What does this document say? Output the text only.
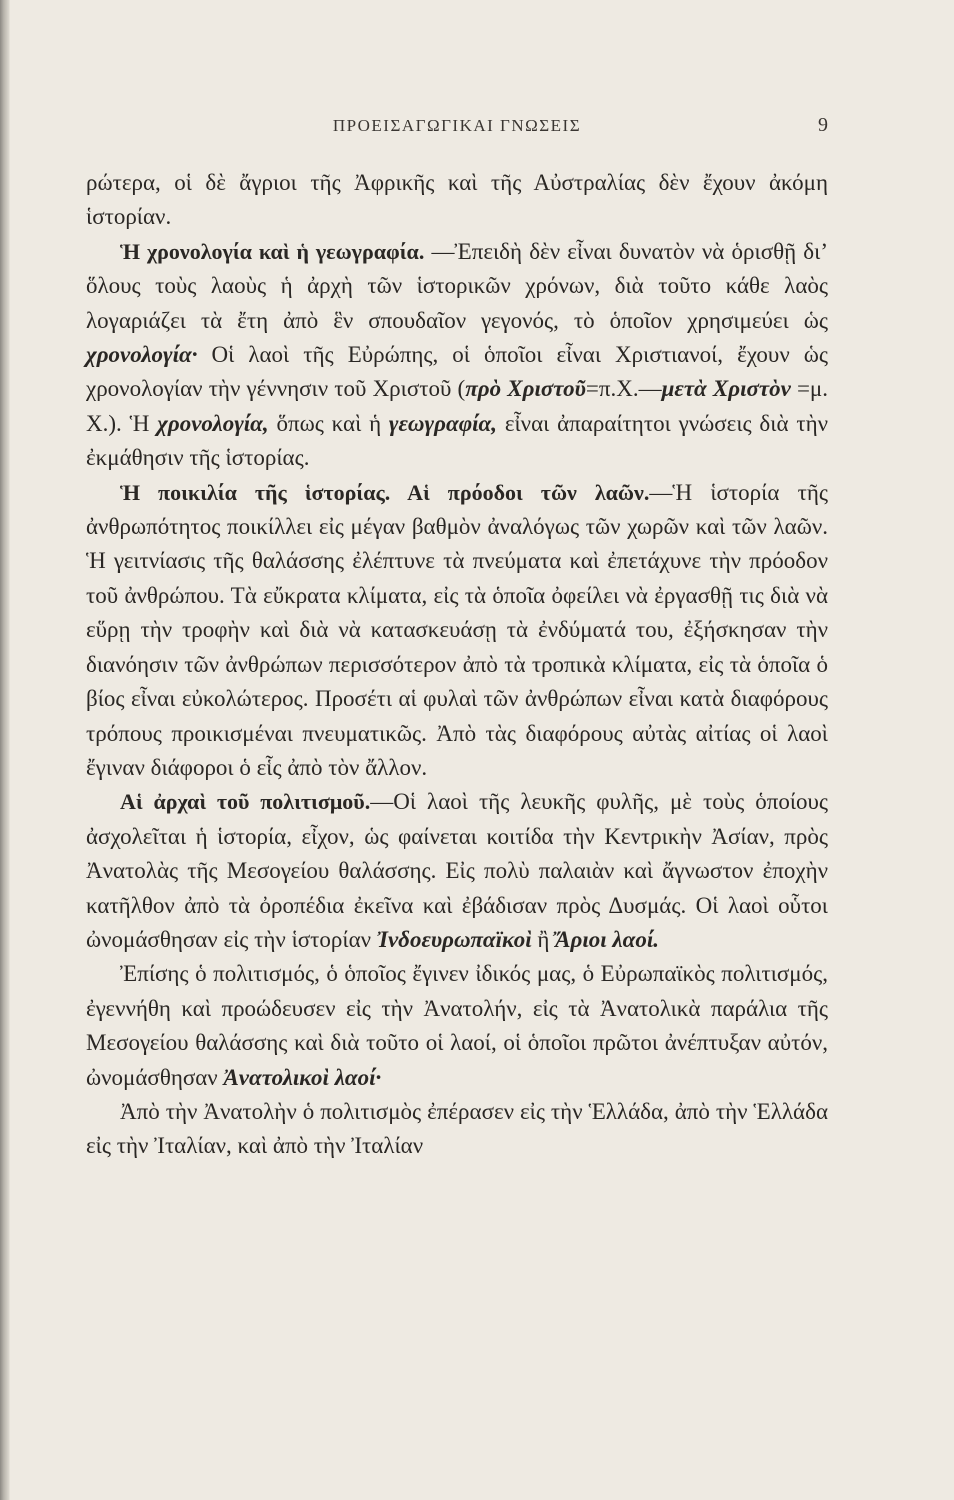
ΠΡΟΕΙΣΑΓΩΓΙΚΑΙ ΓΝΩΣΕΙΣ	9

ρώτερα, οἱ δὲ ἄγριοι τῆς Ἀφρικῆς καὶ τῆς Αὐστραλίας δὲν ἔχουν ἀκόμη ἱστορίαν.

Ἡ χρονολογία καὶ ἡ γεωγραφία. —Ἐπειδὴ δὲν εἶναι δυνατὸν νὰ ὁρισθῇ δι’ ὅλους τοὺς λαοὺς ἡ ἀρχὴ τῶν ἱστορικῶν χρόνων, διὰ τοῦτο κάθε λαὸς λογαριάζει τὰ ἔτη ἀπὸ ἓν σπουδαῖον γεγονός, τὸ ὁποῖον χρησιμεύει ὡς χρονολογία· Οἱ λαοὶ τῆς Εὐρώπης, οἱ ὁποῖοι εἶναι Χριστιανοί, ἔχουν ὡς χρονολογίαν τὴν γέννησιν τοῦ Χριστοῦ (πρὸ Χριστοῦ=π.Χ.—μετὰ Χριστὸν =μ. Χ.). Ἡ χρονολογία, ὅπως καὶ ἡ γεωγραφία, εἶναι ἀπαραίτητοι γνώσεις διὰ τὴν ἐκμάθησιν τῆς ἱστορίας.

Ἡ ποικιλία τῆς ἱστορίας. Αἱ πρόοδοι τῶν λαῶν.—Ἡ ἱστορία τῆς ἀνθρωπότητος ποικίλλει εἰς μέγαν βαθμὸν ἀναλόγως τῶν χωρῶν καὶ τῶν λαῶν. Ἡ γειτνίασις τῆς θαλάσσης ἐλέπτυνε τὰ πνεύματα καὶ ἐπετάχυνε τὴν πρόοδον τοῦ ἀνθρώπου. Τὰ εὔκρατα κλίματα, εἰς τὰ ὁποῖα ὀφείλει νὰ ἐργασθῇ τις διὰ νὰ εὕρῃ τὴν τροφὴν καὶ διὰ νὰ κατασκευάσῃ τὰ ἐνδύματά του, ἐξήσκησαν τὴν διανόησιν τῶν ἀνθρώπων περισσότερον ἀπὸ τὰ τροπικὰ κλίματα, εἰς τὰ ὁποῖα ὁ βίος εἶναι εὐκολώτερος. Προσέτι αἱ φυλαὶ τῶν ἀνθρώπων εἶναι κατὰ διαφόρους τρόπους προικισμέναι πνευματικῶς. Ἀπὸ τὰς διαφόρους αὐτὰς αἰτίας οἱ λαοὶ ἔγιναν διάφοροι ὁ εἷς ἀπὸ τὸν ἄλλον.

Αἱ ἀρχαὶ τοῦ πολιτισμοῦ.—Οἱ λαοὶ τῆς λευκῆς φυλῆς, μὲ τοὺς ὁποίους ἀσχολεῖται ἡ ἱστορία, εἶχον, ὡς φαίνεται κοιτίδα τὴν Κεντρικὴν Ἀσίαν, πρὸς Ἀνατολὰς τῆς Μεσογείου θαλάσσης. Εἰς πολὺ παλαιὰν καὶ ἄγνωστον ἐποχὴν κατῆλθον ἀπὸ τὰ ὀροπέδια ἐκεῖνα καὶ ἐβάδισαν πρὸς Δυσμάς. Οἱ λαοὶ οὗτοι ὠνομάσθησαν εἰς τὴν ἱστορίαν Ἰνδοευρωπαϊκοὶ ἢ Ἄριοι λαοί.

Ἐπίσης ὁ πολιτισμός, ὁ ὁποῖος ἔγινεν ἰδικός μας, ὁ Εὐρωπαϊκὸς πολιτισμός, ἐγεννήθη καὶ προώδευσεν εἰς τὴν Ἀνατολήν, εἰς τὰ Ἀνατολικὰ παράλια τῆς Μεσογείου θαλάσσης καὶ διὰ τοῦτο οἱ λαοί, οἱ ὁποῖοι πρῶτοι ἀνέπτυξαν αὐτόν, ὠνομάσθησαν Ἀνατολικοὶ λαοί·

Ἀπὸ τὴν Ἀνατολὴν ὁ πολιτισμὸς ἐπέρασεν εἰς τὴν Ἑλλάδα, ἀπὸ τὴν Ἑλλάδα εἰς τὴν Ἰταλίαν, καὶ ἀπὸ τὴν Ἰταλίαν
